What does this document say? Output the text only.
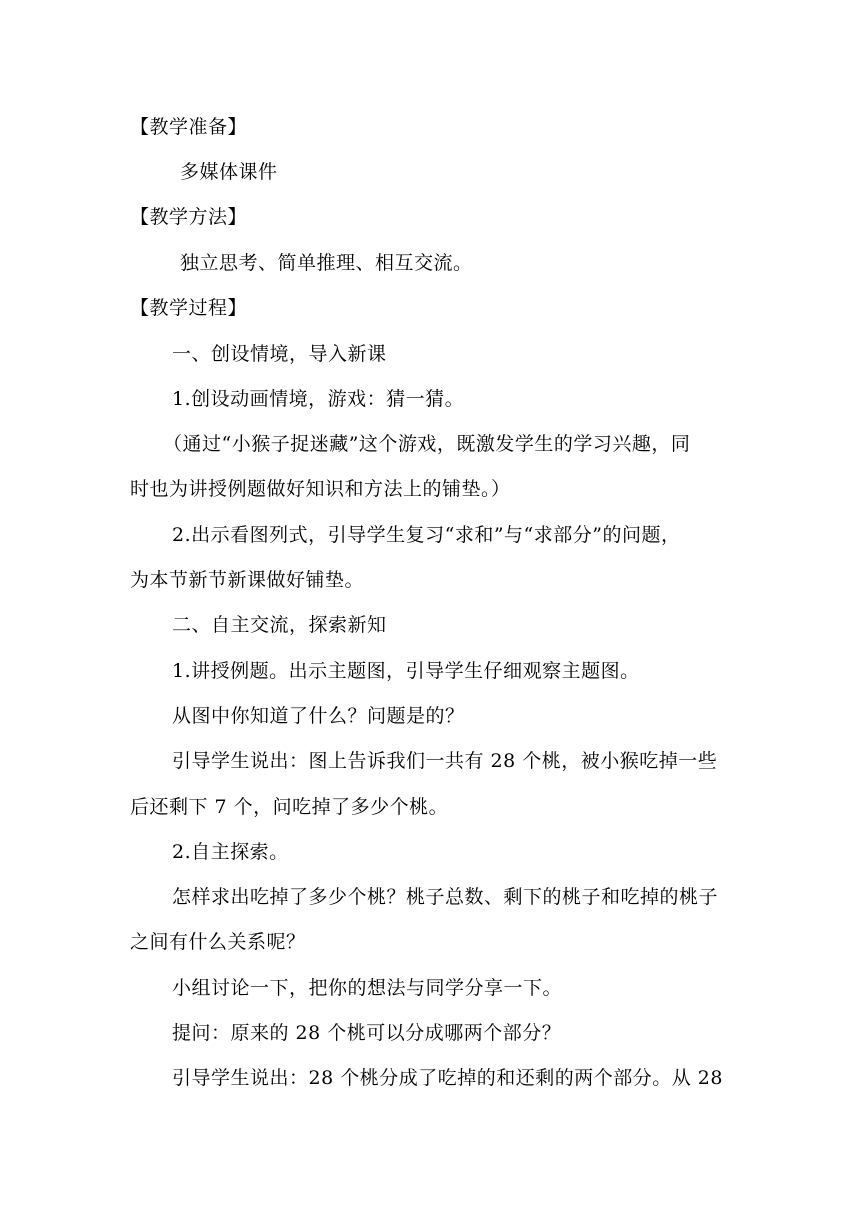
【教学准备】
多媒体课件
【教学方法】
独立思考、简单推理、相互交流。
【教学过程】
一、创设情境，导入新课
1.创设动画情境，游戏：猜一猜。
（通过“小猴子捉迷藏”这个游戏，既激发学生的学习兴趣，同
时也为讲授例题做好知识和方法上的铺垫。）
2.出示看图列式，引导学生复习“求和”与“求部分”的问题，
为本节新节新课做好铺垫。
二、自主交流，探索新知
1.讲授例题。出示主题图，引导学生仔细观察主题图。
从图中你知道了什么？问题是的？
引导学生说出：图上告诉我们一共有 28 个桃，被小猴吃掉一些
后还剩下 7 个，问吃掉了多少个桃。
2.自主探索。
怎样求出吃掉了多少个桃？桃子总数、剩下的桃子和吃掉的桃子
之间有什么关系呢？
小组讨论一下，把你的想法与同学分享一下。
提问：原来的 28 个桃可以分成哪两个部分？
引导学生说出：28 个桃分成了吃掉的和还剩的两个部分。从 28
